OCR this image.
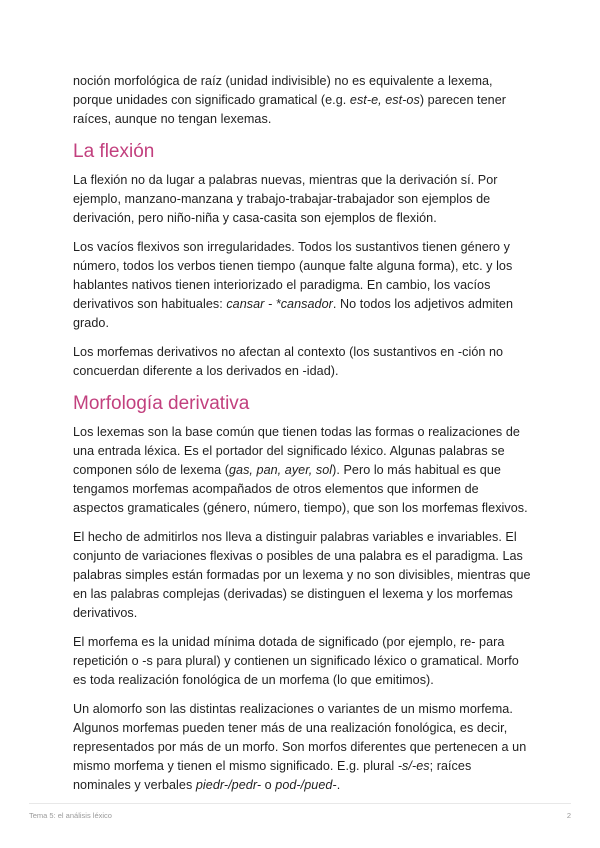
noción morfológica de raíz (unidad indivisible) no es equivalente a lexema, porque unidades con significado gramatical (e.g. est-e, est-os) parecen tener raíces, aunque no tengan lexemas.

La flexión

La flexión no da lugar a palabras nuevas, mientras que la derivación sí. Por ejemplo, manzano-manzana y trabajo-trabajar-trabajador son ejemplos de derivación, pero niño-niña y casa-casita son ejemplos de flexión.

Los vacíos flexivos son irregularidades. Todos los sustantivos tienen género y número, todos los verbos tienen tiempo (aunque falte alguna forma), etc. y los hablantes nativos tienen interiorizado el paradigma. En cambio, los vacíos derivativos son habituales: cansar - *cansador. No todos los adjetivos admiten grado.

Los morfemas derivativos no afectan al contexto (los sustantivos en -ción no concuerdan diferente a los derivados en -idad).

Morfología derivativa

Los lexemas son la base común que tienen todas las formas o realizaciones de una entrada léxica. Es el portador del significado léxico. Algunas palabras se componen sólo de lexema (gas, pan, ayer, sol). Pero lo más habitual es que tengamos morfemas acompañados de otros elementos que informen de aspectos gramaticales (género, número, tiempo), que son los morfemas flexivos.

El hecho de admitirlos nos lleva a distinguir palabras variables e invariables. El conjunto de variaciones flexivas o posibles de una palabra es el paradigma. Las palabras simples están formadas por un lexema y no son divisibles, mientras que en las palabras complejas (derivadas) se distinguen el lexema y los morfemas derivativos.

El morfema es la unidad mínima dotada de significado (por ejemplo, re- para repetición o -s para plural) y contienen un significado léxico o gramatical. Morfo es toda realización fonológica de un morfema (lo que emitimos).

Un alomorfo son las distintas realizaciones o variantes de un mismo morfema. Algunos morfemas pueden tener más de una realización fonológica, es decir, representados por más de un morfo. Son morfos diferentes que pertenecen a un mismo morfema y tienen el mismo significado. E.g. plural -s/-es; raíces nominales y verbales piedr-/pedr- o pod-/pued-.

Tema 5: el análisis léxico	2
